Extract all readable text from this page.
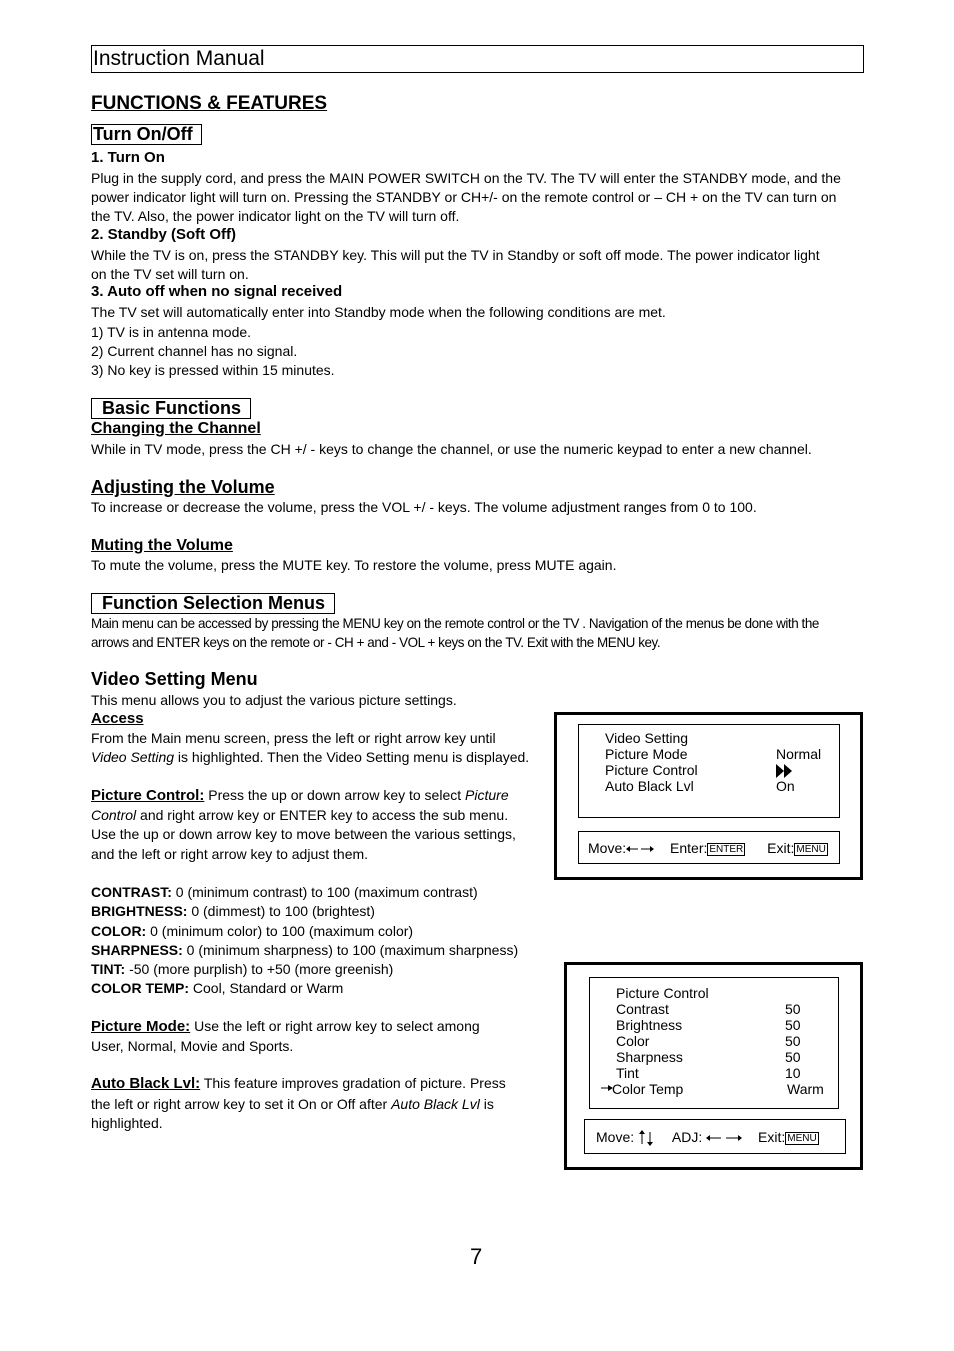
Instruction Manual
FUNCTIONS & FEATURES
Turn On/Off
1. Turn On
Plug in the supply cord, and press the MAIN POWER SWITCH on the TV. The TV will enter the STANDBY mode, and the
power indicator light will turn on. Pressing the STANDBY or CH+/- on the remote control or – CH + on the TV can turn on
the TV. Also, the power indicator light on the TV will turn off.
2. Standby (Soft Off)
While the TV is on, press the STANDBY key. This will put the TV in Standby or soft off mode. The power indicator light
on the TV set will turn on.
3. Auto off when no signal received
The TV set will automatically enter into Standby mode when the following conditions are met.
1) TV is in antenna mode.
2) Current channel has no signal.
3) No key is pressed within 15 minutes.
Basic Functions
Changing the Channel
While in TV mode, press the CH +/ - keys to change the channel, or use the numeric keypad to enter a new channel.
Adjusting the Volume
To increase or decrease the volume, press the VOL +/ - keys. The volume adjustment ranges from 0 to 100.
Muting the Volume
To mute the volume, press the MUTE key. To restore the volume, press MUTE again.
Function Selection Menus
Main menu can be accessed by pressing the MENU key on the remote control or the TV . Navigation of the menus be done with the
arrows and ENTER keys on the remote or - CH + and - VOL + keys on the TV. Exit with the MENU key.
Video Setting Menu
This menu allows you to adjust the various picture settings.
Access
From the Main menu screen, press the left or right arrow key until
Video Setting is highlighted. Then the Video Setting menu is displayed.
Picture Control: Press the up or down arrow key to select Picture
Control and right arrow key or ENTER key to access the sub menu.
Use the up or down arrow key to move between the various settings,
and the left or right arrow key to adjust them.
CONTRAST: 0 (minimum contrast) to 100 (maximum contrast)
BRIGHTNESS: 0 (dimmest) to 100 (brightest)
COLOR: 0 (minimum color) to 100 (maximum color)
SHARPNESS: 0 (minimum sharpness) to 100 (maximum sharpness)
TINT: -50 (more purplish) to +50 (more greenish)
COLOR TEMP: Cool, Standard or Warm
Picture Mode: Use the left or right arrow key to select among
User, Normal, Movie and Sports.
Auto Black Lvl: This feature improves gradation of picture. Press
the left or right arrow key to set it On or Off after Auto Black Lvl is
highlighted.
Video Setting
Picture Mode	Normal
Picture Control
Auto Black Lvl	On
Move:	Enter: ENTER Exit: MENU
Picture Control
Contrast	50
Brightness	50
Color	50
Sharpness	50
Tint	10
Color Temp	Warm
Move:	ADJ:	Exit: MENU
7
